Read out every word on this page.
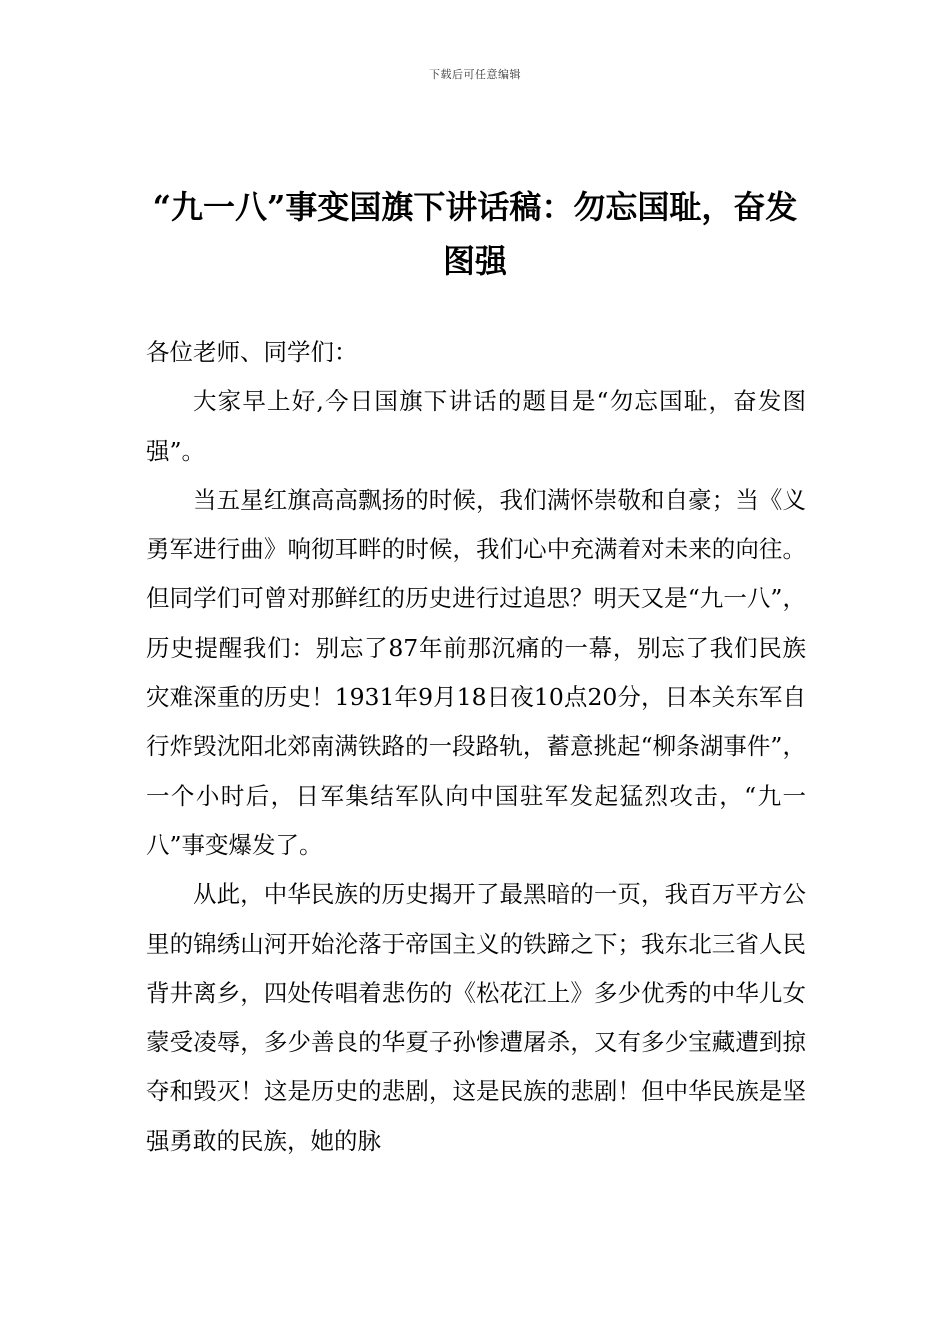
下载后可任意编辑
“九一八”事变国旗下讲话稿：勿忘国耻，奋发图强

各位老师、同学们：

大家早上好,今日国旗下讲话的题目是“勿忘国耻，奋发图强”。

当五星红旗高高飘扬的时候，我们满怀崇敬和自豪；当《义勇军进行曲》响彻耳畔的时候，我们心中充满着对未来的向往。但同学们可曾对那鲜红的历史进行过追思？明天又是“九一八”，历史提醒我们：别忘了87年前那沉痛的一幕，别忘了我们民族灾难深重的历史！1931年9月18日夜10点20分，日本关东军自行炸毁沈阳北郊南满铁路的一段路轨，蓄意挑起“柳条湖事件”，一个小时后，日军集结军队向中国驻军发起猛烈攻击，“九一八”事变爆发了。

从此，中华民族的历史揭开了最黑暗的一页，我百万平方公里的锦绣山河开始沦落于帝国主义的铁蹄之下；我东北三省人民背井离乡，四处传唱着悲伤的《松花江上》多少优秀的中华儿女蒙受凌辱，多少善良的华夏子孙惨遭屠杀，又有多少宝藏遭到掠夺和毁灭！这是历史的悲剧，这是民族的悲剧！但中华民族是坚强勇敢的民族，她的脉
